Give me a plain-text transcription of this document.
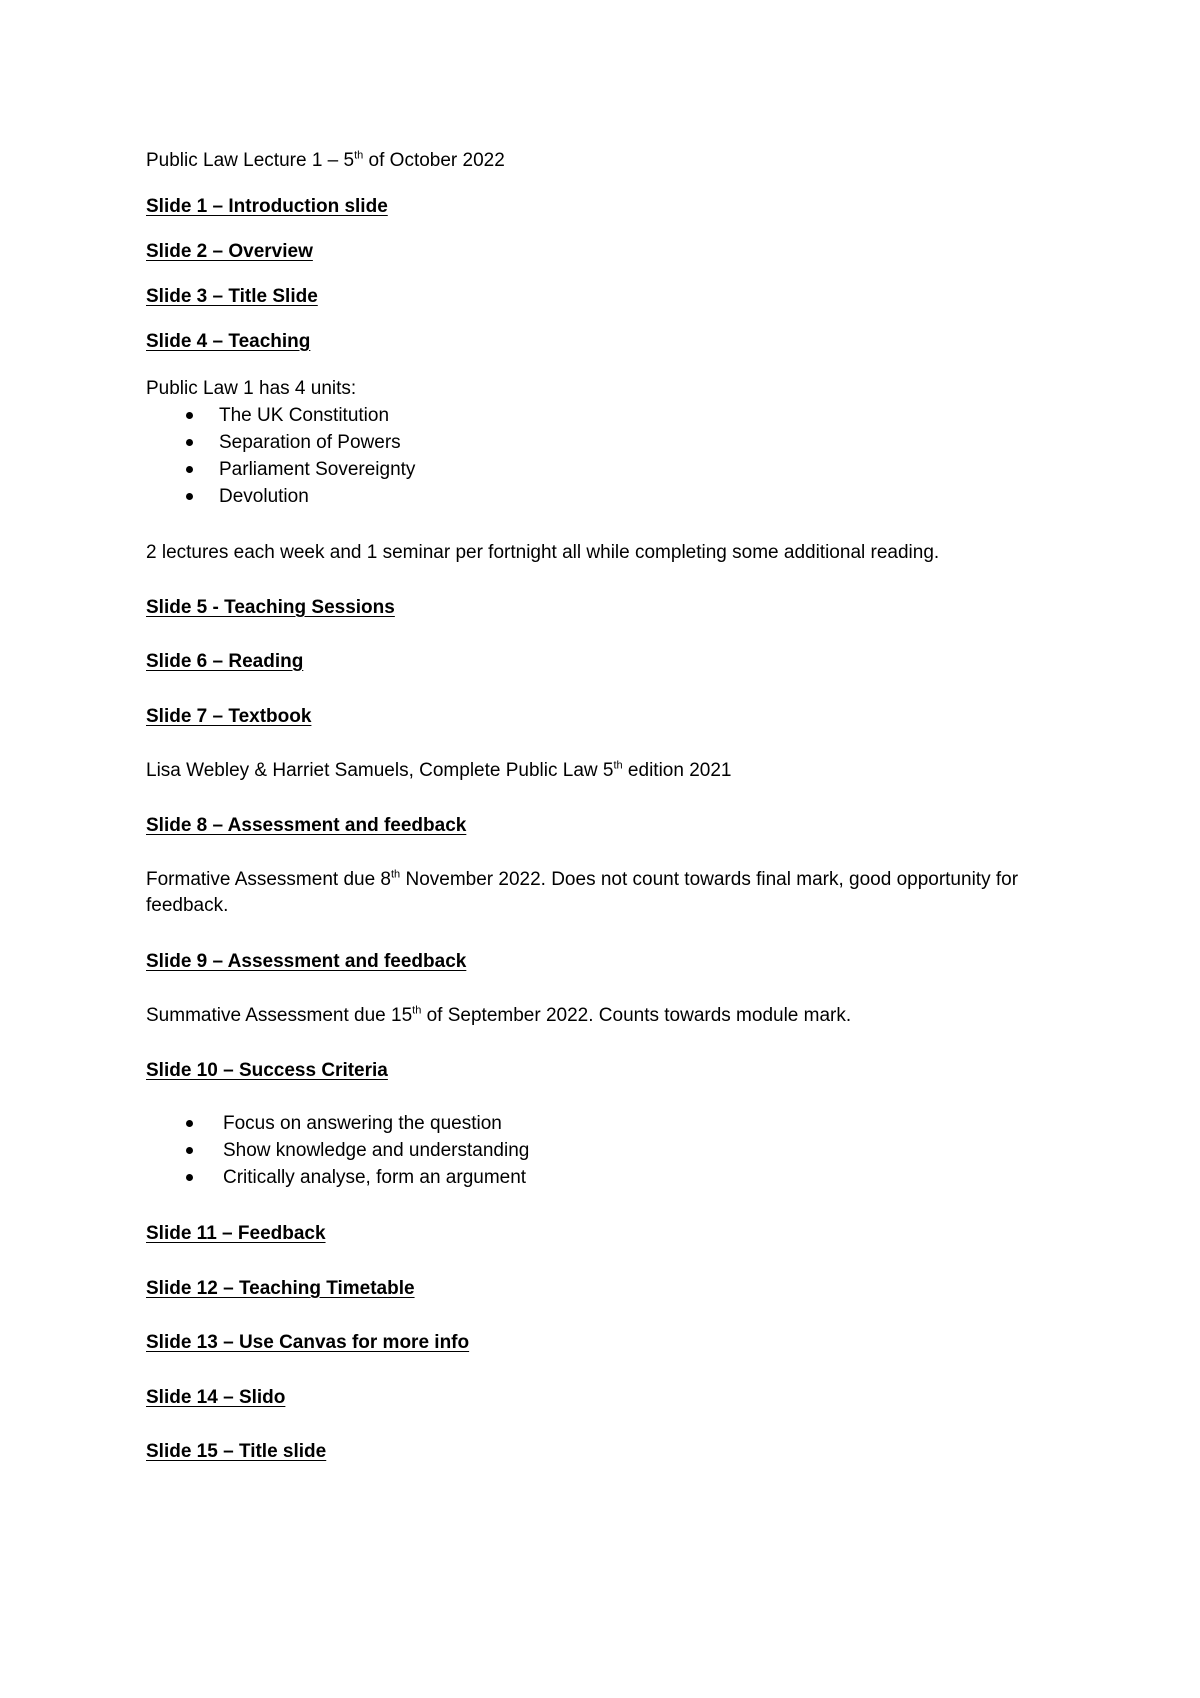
Public Law Lecture 1 – 5th of October 2022
Slide 1 – Introduction slide
Slide 2 – Overview
Slide 3 – Title Slide
Slide 4 – Teaching
Public Law 1 has 4 units:
The UK Constitution
Separation of Powers
Parliament Sovereignty
Devolution
2 lectures each week and 1 seminar per fortnight all while completing some additional reading.
Slide 5 - Teaching Sessions
Slide 6 – Reading
Slide 7 – Textbook
Lisa Webley & Harriet Samuels, Complete Public Law 5th edition 2021
Slide 8 – Assessment and feedback
Formative Assessment due 8th November 2022. Does not count towards final mark, good opportunity for feedback.
Slide 9 – Assessment and feedback
Summative Assessment due 15th of September 2022. Counts towards module mark.
Slide 10 – Success Criteria
Focus on answering the question
Show knowledge and understanding
Critically analyse, form an argument
Slide 11 – Feedback
Slide 12 – Teaching Timetable
Slide 13 – Use Canvas for more info
Slide 14 – Slido
Slide 15 – Title slide
